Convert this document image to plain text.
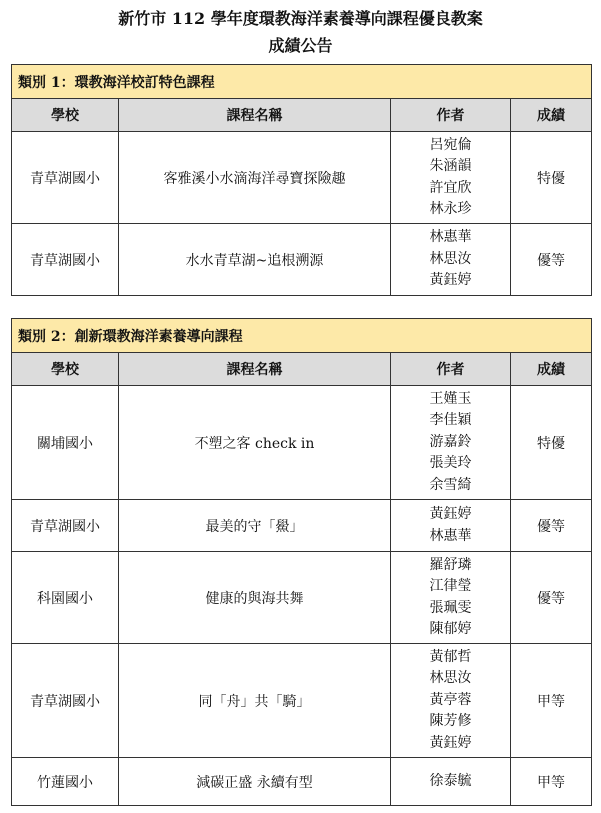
新竹市 112 學年度環教海洋素養導向課程優良教案
成績公告
類別 1：環教海洋校訂特色課程			
學校	課程名稱	作者	成績
青草湖國小	客雅溪小水滴海洋尋寶探險趣	呂宛倫
朱涵韻
許宜欣
林永珍	特優
青草湖國小	水水青草湖~追根溯源	林惠華
林思汝
黃鈺婷	優等
類別 2：創新環教海洋素養導向課程			
學校	課程名稱	作者	成績
關埔國小	不塑之客 check in	王嫤玉
李佳穎
游嘉鈴
張美玲
余雪綺	特優
青草湖國小	最美的守「鱟」	黃鈺婷
林惠華	優等
科園國小	健康的與海共舞	羅舒璘
江律瑩
張珮雯
陳郁婷	優等
青草湖國小	同「舟」共「騎」	黃郁哲
林思汝
黃亭蓉
陳芳修
黃鈺婷	甲等
竹蓮國小	減碳正盛 永續有型	徐泰毓	甲等
